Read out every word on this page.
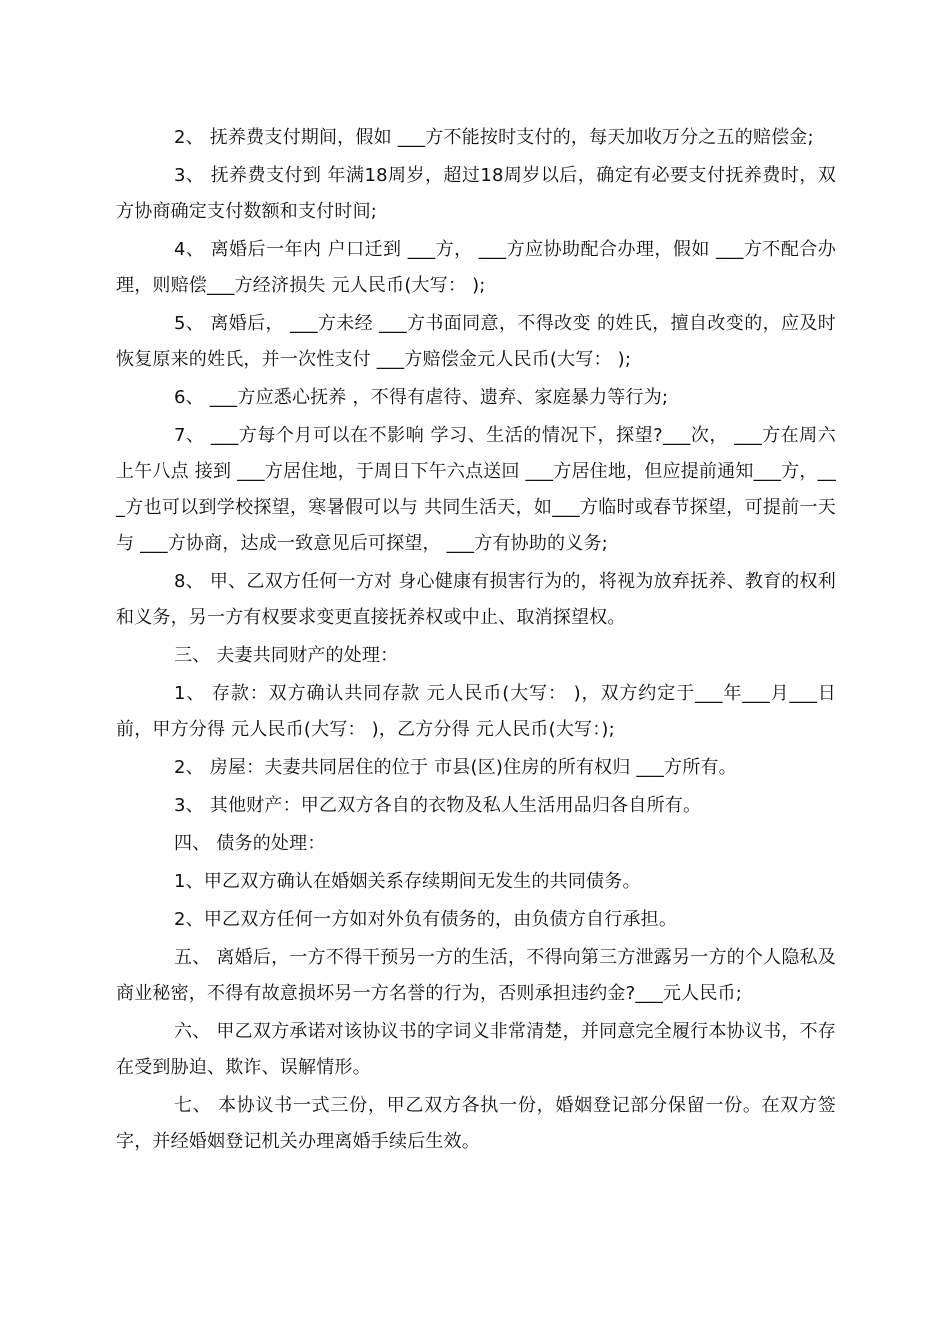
2、 抚养费支付期间，假如 ___方不能按时支付的，每天加收万分之五的赔偿金;

3、 抚养费支付到 年满18周岁，超过18周岁以后，确定有必要支付抚养费时，双方协商确定支付数额和支付时间;

4、 离婚后一年内 户口迁到 ___方， ___方应协助配合办理，假如 ___方不配合办理，则赔偿___方经济损失 元人民币(大写： );

5、 离婚后， ___方未经 ___方书面同意，不得改变 的姓氏，擅自改变的，应及时恢复原来的姓氏，并一次性支付 ___方赔偿金元人民币(大写： );

6、 ___方应悉心抚养 ，不得有虐待、遗弃、家庭暴力等行为;

7、 ___方每个月可以在不影响 学习、生活的情况下，探望?___次， ___方在周六上午八点 接到 ___方居住地，于周日下午六点送回 ___方居住地，但应提前通知___方，___方也可以到学校探望，寒暑假可以与 共同生活天，如___方临时或春节探望，可提前一天与 ___方协商，达成一致意见后可探望， ___方有协助的义务;

8、 甲、乙双方任何一方对 身心健康有损害行为的，将视为放弃抚养、教育的权利和义务，另一方有权要求变更直接抚养权或中止、取消探望权。

三、 夫妻共同财产的处理：

1、 存款：双方确认共同存款 元人民币(大写： )，双方约定于___年___月___日前，甲方分得 元人民币(大写： )，乙方分得 元人民币(大写：);

2、 房屋：夫妻共同居住的位于 市县(区)住房的所有权归 ___方所有。

3、 其他财产：甲乙双方各自的衣物及私人生活用品归各自所有。

四、 债务的处理：

1、甲乙双方确认在婚姻关系存续期间无发生的共同债务。

2、甲乙双方任何一方如对外负有债务的，由负债方自行承担。

五、 离婚后，一方不得干预另一方的生活，不得向第三方泄露另一方的个人隐私及商业秘密，不得有故意损坏另一方名誉的行为，否则承担违约金?___元人民币;

六、 甲乙双方承诺对该协议书的字词义非常清楚，并同意完全履行本协议书，不存在受到胁迫、欺诈、误解情形。

七、 本协议书一式三份，甲乙双方各执一份，婚姻登记部分保留一份。在双方签字，并经婚姻登记机关办理离婚手续后生效。
